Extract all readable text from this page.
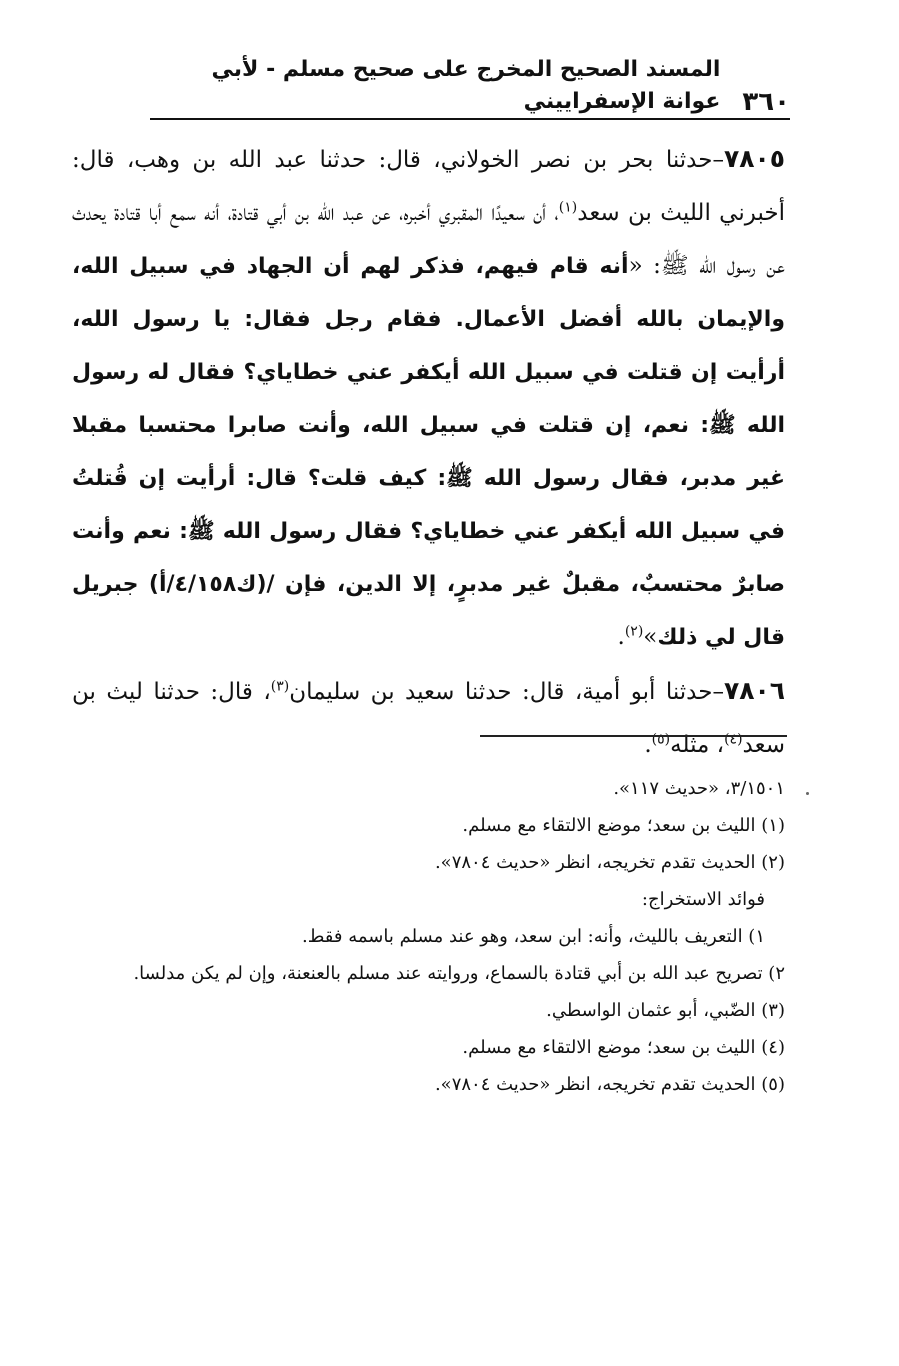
٣٦٠
المسند الصحيح المخرج على صحيح مسلم - لأبي عوانة الإسفراييني

٧٨٠٥–حدثنا بحر بن نصر الخولاني، قال: حدثنا عبد الله بن وهب، قال: أخبرني الليث بن سعد$^{(١)}$، أن سعيدًا المقبري أخبره، عن عبد الله بن أبي قتادة، أنه سمع أبا قتادة يحدث عن رسول الله ﷺ: «أنه قام فيهم، فذكر لهم أن الجهاد في سبيل الله، والإيمان بالله أفضل الأعمال. فقام رجل فقال: يا رسول الله، أرأيت إن قتلت في سبيل الله أيكفر عني خطاياي؟ فقال له رسول الله ﷺ: نعم، إن قتلت في سبيل الله، وأنت صابرا محتسبا مقبلا غير مدبر، فقال رسول الله ﷺ: كيف قلت؟ قال: أرأيت إن قُتلتُ في سبيل الله أيكفر عني خطاياي؟ فقال رسول الله ﷺ: نعم وأنت صابرٌ محتسبٌ، مقبلٌ غير مدبرٍ، إلا الدين، فإن /(ك٤/١٥٨/أ) جبريل قال لي ذلك»$^{(٢)}$.

٧٨٠٦–حدثنا أبو أمية، قال: حدثنا سعيد بن سليمان$^{(٣)}$، قال: حدثنا ليث بن سعد$^{(٤)}$، مثله$^{(٥)}$.

٣/١٥٠١، «حديث ١١٧».

(١) الليث بن سعد؛ موضع الالتقاء مع مسلم.

(٢) الحديث تقدم تخريجه، انظر «حديث ٧٨٠٤».

فوائد الاستخراج:

١) التعريف بالليث، وأنه: ابن سعد، وهو عند مسلم باسمه فقط.

٢) تصريح عبد الله بن أبي قتادة بالسماع، وروايته عند مسلم بالعنعنة، وإن لم يكن مدلسا.

(٣) الضّبي، أبو عثمان الواسطي.

(٤) الليث بن سعد؛ موضع الالتقاء مع مسلم.

(٥) الحديث تقدم تخريجه، انظر «حديث ٧٨٠٤».
